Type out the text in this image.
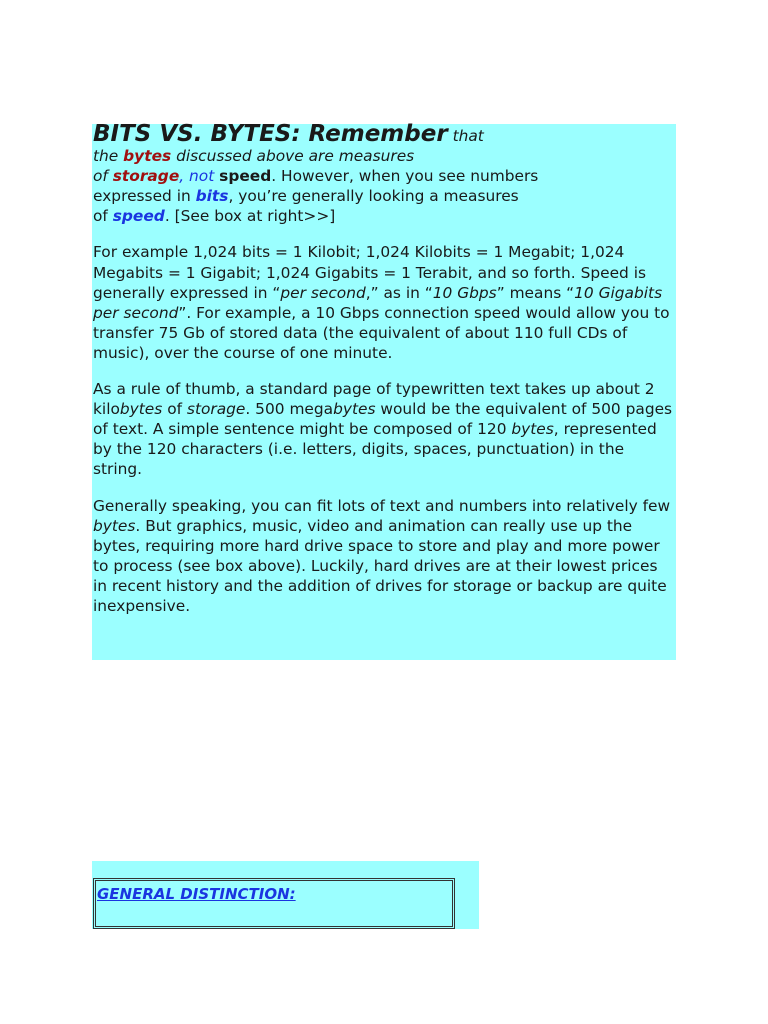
BITS VS. BYTES: Remember that
the bytes discussed above are measures
of storage, not speed. However, when you see numbers
expressed in bits, you’re generally looking a measures
of speed. [See box at right>>]

For example 1,024 bits = 1 Kilobit; 1,024 Kilobits = 1 Megabit; 1,024 Megabits = 1 Gigabit; 1,024 Gigabits = 1 Terabit, and so forth. Speed is generally expressed in “per second,” as in “10 Gbps” means “10 Gigabits per second”. For example, a 10 Gbps connection speed would allow you to transfer 75 Gb of stored data (the equivalent of about 110 full CDs of music), over the course of one minute.

As a rule of thumb, a standard page of typewritten text takes up about 2 kilobytes of storage. 500 megabytes would be the equivalent of 500 pages of text. A simple sentence might be composed of 120 bytes, represented by the 120 characters (i.e. letters, digits, spaces, punctuation) in the string.

Generally speaking, you can fit lots of text and numbers into relatively few bytes. But graphics, music, video and animation can really use up the bytes, requiring more hard drive space to store and play and more power to process (see box above). Luckily, hard drives are at their lowest prices in recent history and the addition of drives for storage or backup are quite inexpensive.

GENERAL DISTINCTION:
